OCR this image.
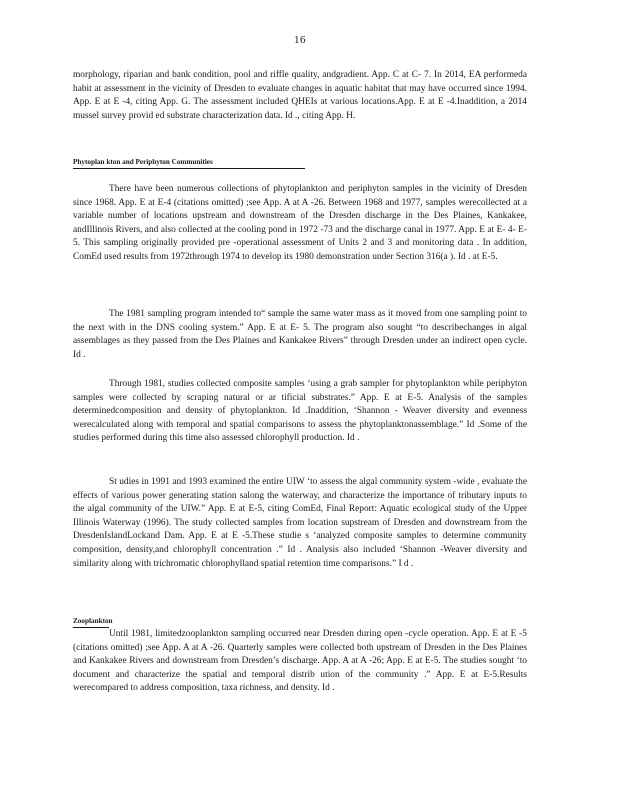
16

morphology, riparian and bank condition, pool and riffle quality, andgradient. App. C at C- 7. In 2014, EA performeda habit at assessment in the vicinity of Dresden to evaluate changes in aquatic habitat that may have occurred since 1994. App. E at E -4, citing App. G. The assessment included QHEIs at various locations.App. E at E -4.Inaddition, a 2014 mussel survey provid ed substrate characterization data. Id ., citing App. H.

Phytoplan kton and Periphyton Communities

There have been numerous collections of phytoplankton and periphyton samples in the vicinity of Dresden since 1968. App. E at E-4 (citations omitted) ;see App. A at A -26. Between 1968 and 1977, samples werecollected at a variable number of locations upstream and downstream of the Dresden discharge in the Des Plaines, Kankakee, andIllinois Rivers, and also collected at the cooling pond in 1972 -73 and the discharge canal in 1977. App. E at E- 4- E- 5. This sampling originally provided pre -operational assessment of Units 2 and 3 and monitoring data . In addition, ComEd used results from 1972through 1974 to develop its 1980 demonstration under Section 316(a ). Id . at E-5.

The 1981 sampling program intended to“ sample the same water mass as it moved from one sampling point to the next with in the DNS cooling system.” App. E at E- 5. The program also sought “to describechanges in algal assemblages as they passed from the Des Plaines and Kankakee Rivers” through Dresden under an indirect open cycle. Id .

Through 1981, studies collected composite samples ‘using a grab sampler for phytoplankton while periphyton samples were collected by scraping natural or ar tificial substrates.” App. E at E-5. Analysis of the samples determinedcomposition and density of phytoplankton. Id .Inaddition, ‘Shannon - Weaver diversity and evenness werecalculated along with temporal and spatial comparisons to assess the phytoplanktonassemblage.” Id .Some of the studies performed during this time also assessed chlorophyll production. Id .

St udies in 1991 and 1993 examined the entire UIW ‘to assess the algal community system -wide , evaluate the effects of various power generating station salong the waterway, and characterize the importance of tributary inputs to the algal community of the UIW.” App. E at E-5, citing ComEd, Final Report: Aquatic ecological study of the Upper Illinois Waterway (1996). The study collected samples from location supstream of Dresden and downstream from the DresdenIslandLockand Dam. App. E at E -5.These studie s ‘analyzed composite samples to determine community composition, density,and chlorophyll concentration .” Id . Analysis also included ‘Shannon -Weaver diversity and similarity along with trichromatic chlorophylland spatial retention time comparisons.” I d .

Zooplankton

Until 1981, limitedzooplankton sampling occurred near Dresden during open -cycle operation. App. E at E -5 (citations omitted) ;see App. A at A -26. Quarterly samples were collected both upstream of Dresden in the Des Plaines and Kankakee Rivers and downstream from Dresden’s discharge. App. A at A -26; App. E at E-5. The studies sought ‘to document and characterize the spatial and temporal distrib ution of the community .” App. E at E-5.Results werecompared to address composition, taxa richness, and density. Id .
